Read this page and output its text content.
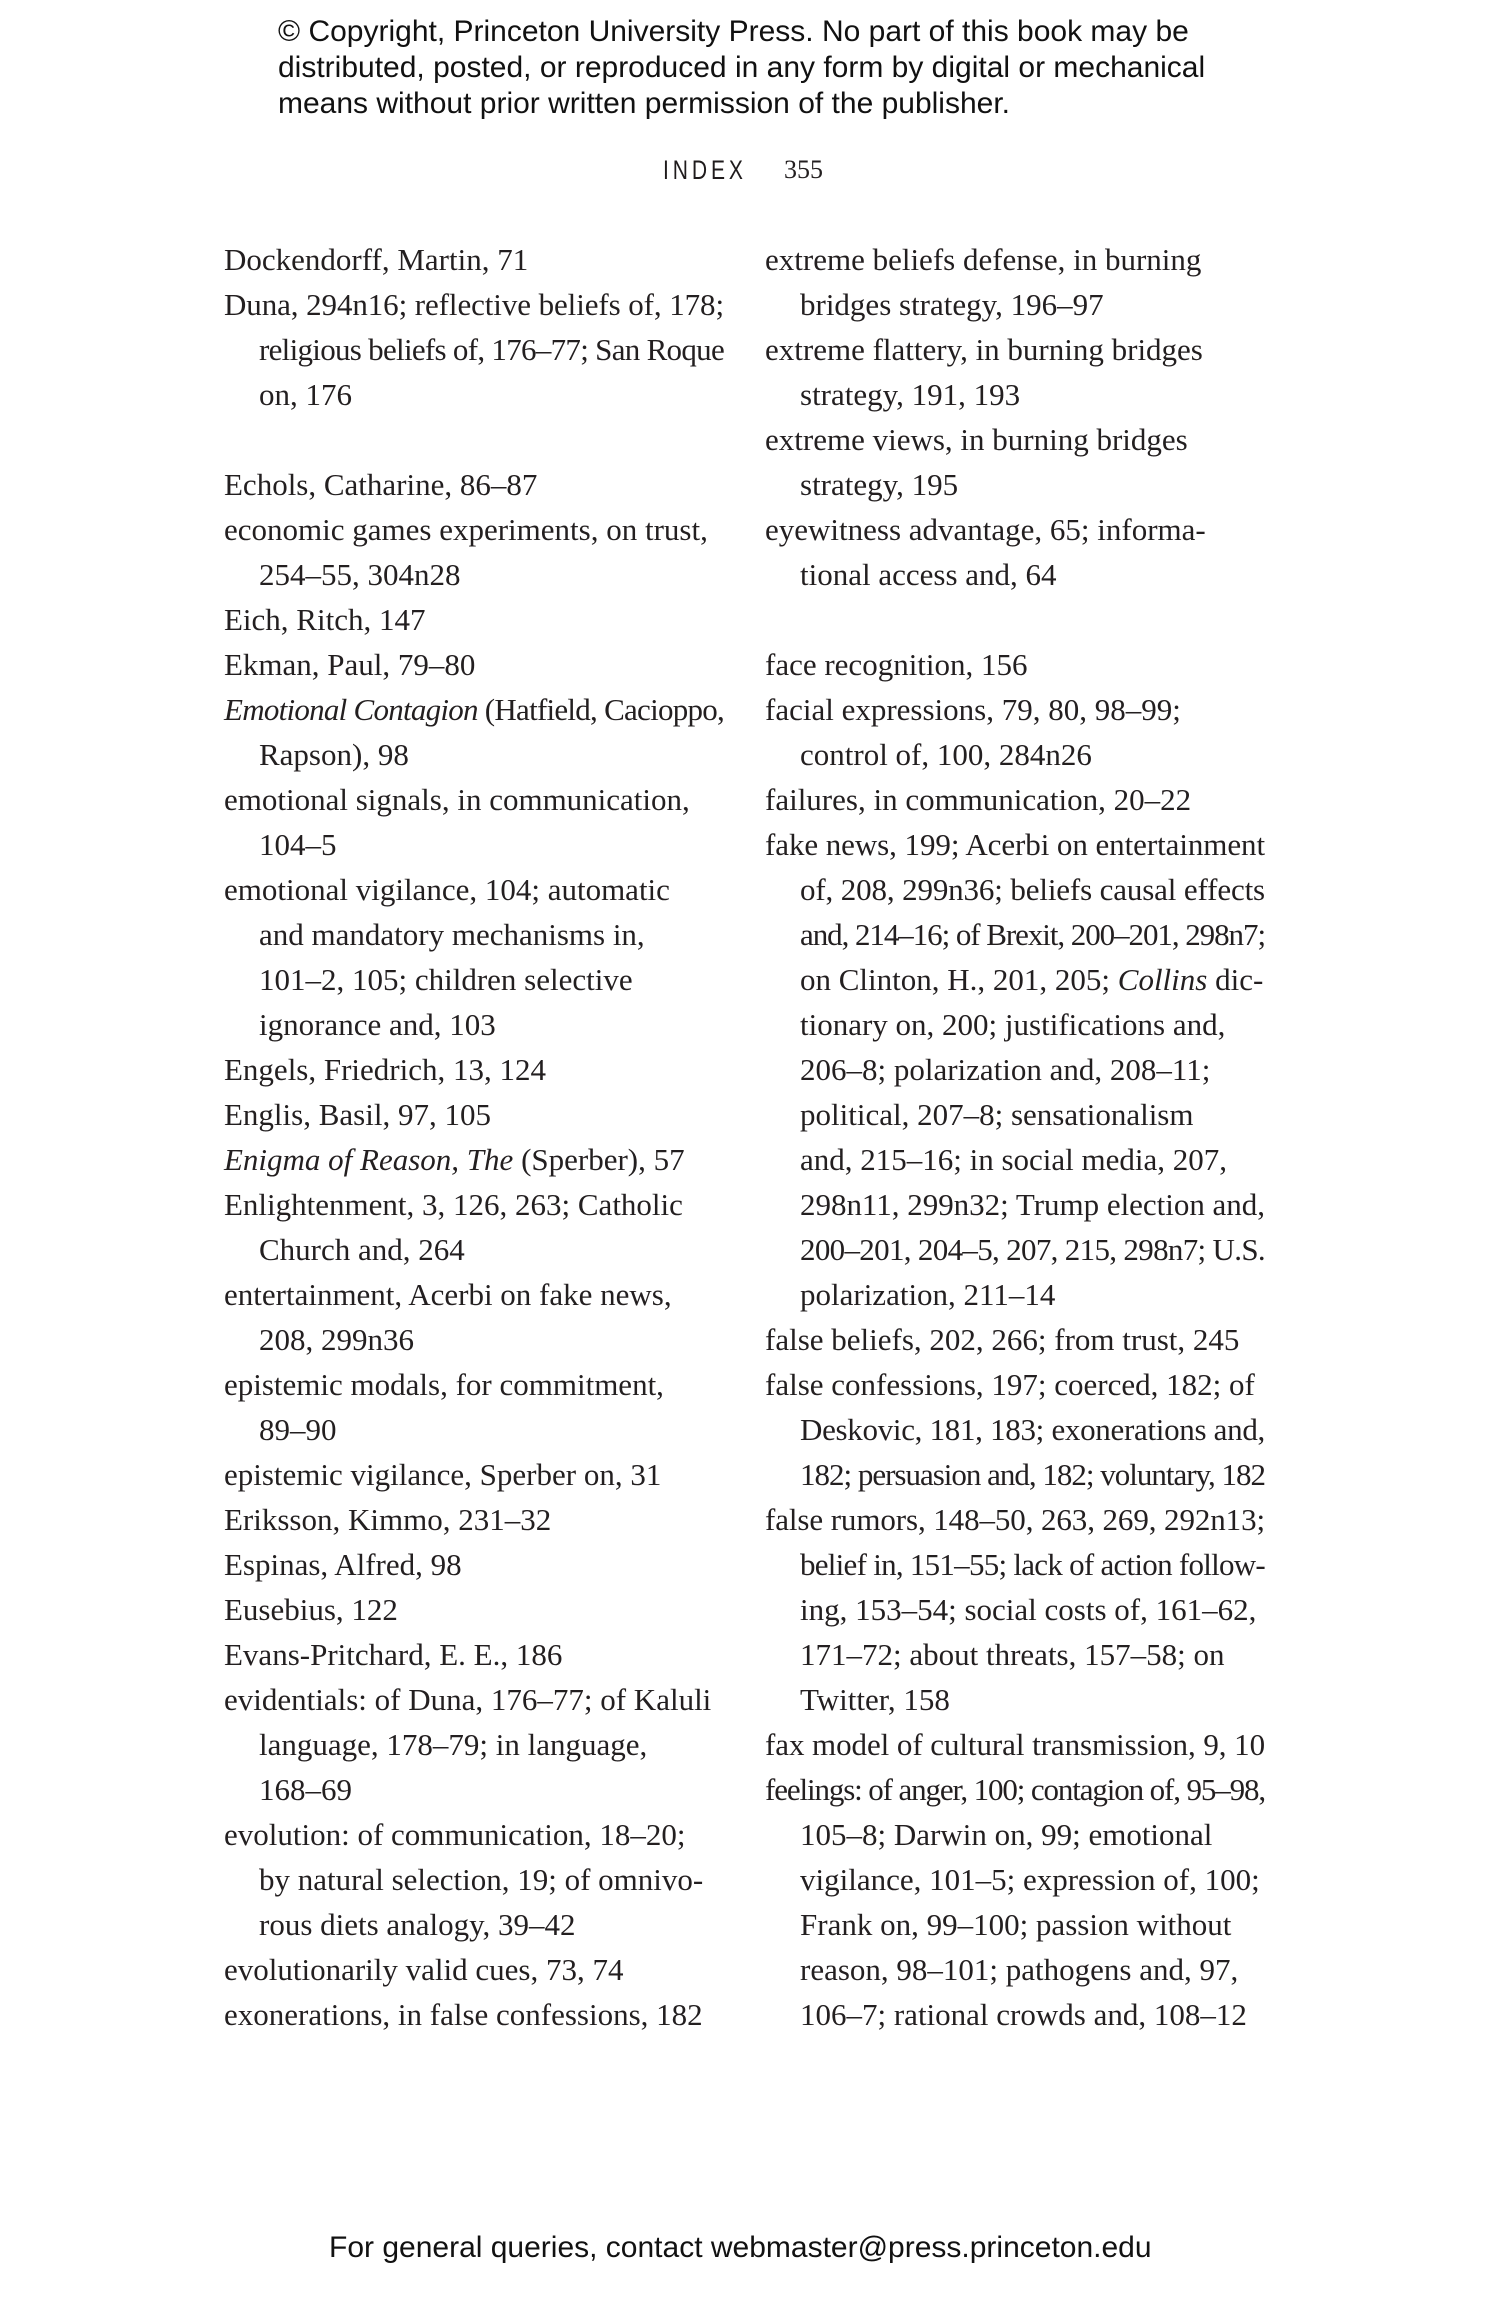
© Copyright, Princeton University Press. No part of this book may be
distributed, posted, or reproduced in any form by digital or mechanical
means without prior written permission of the publisher.
INDEX 355
Dockendorff, Martin, 71
Duna, 294n16; reflective beliefs of, 178;
religious beliefs of, 176–77; San Roque
on, 176
Echols, Catharine, 86–87
economic games experiments, on trust,
254–55, 304n28
Eich, Ritch, 147
Ekman, Paul, 79–80
Emotional Contagion (Hatfield, Cacioppo,
Rapson), 98
emotional signals, in communication,
104–5
emotional vigilance, 104; automatic
and mandatory mechanisms in,
101–2, 105; children selective
ignorance and, 103
Engels, Friedrich, 13, 124
Englis, Basil, 97, 105
Enigma of Reason, The (Sperber), 57
Enlightenment, 3, 126, 263; Catholic
Church and, 264
entertainment, Acerbi on fake news,
208, 299n36
epistemic modals, for commitment,
89–90
epistemic vigilance, Sperber on, 31
Eriksson, Kimmo, 231–32
Espinas, Alfred, 98
Eusebius, 122
Evans-Pritchard, E. E., 186
evidentials: of Duna, 176–77; of Kaluli
language, 178–79; in language,
168–69
evolution: of communication, 18–20;
by natural selection, 19; of omnivo-
rous diets analogy, 39–42
evolutionarily valid cues, 73, 74
exonerations, in false confessions, 182
extreme beliefs defense, in burning
bridges strategy, 196–97
extreme flattery, in burning bridges
strategy, 191, 193
extreme views, in burning bridges
strategy, 195
eyewitness advantage, 65; informa-
tional access and, 64
face recognition, 156
facial expressions, 79, 80, 98–99;
control of, 100, 284n26
failures, in communication, 20–22
fake news, 199; Acerbi on entertainment
of, 208, 299n36; beliefs causal effects
and, 214–16; of Brexit, 200–201, 298n7;
on Clinton, H., 201, 205; Collins dic-
tionary on, 200; justifications and,
206–8; polarization and, 208–11;
political, 207–8; sensationalism
and, 215–16; in social media, 207,
298n11, 299n32; Trump election and,
200–201, 204–5, 207, 215, 298n7; U.S.
polarization, 211–14
false beliefs, 202, 266; from trust, 245
false confessions, 197; coerced, 182; of
Deskovic, 181, 183; exonerations and,
182; persuasion and, 182; voluntary, 182
false rumors, 148–50, 263, 269, 292n13;
belief in, 151–55; lack of action follow-
ing, 153–54; social costs of, 161–62,
171–72; about threats, 157–58; on
Twitter, 158
fax model of cultural transmission, 9, 10
feelings: of anger, 100; contagion of, 95–98,
105–8; Darwin on, 99; emotional
vigilance, 101–5; expression of, 100;
Frank on, 99–100; passion without
reason, 98–101; pathogens and, 97,
106–7; rational crowds and, 108–12
For general queries, contact webmaster@press.princeton.edu
